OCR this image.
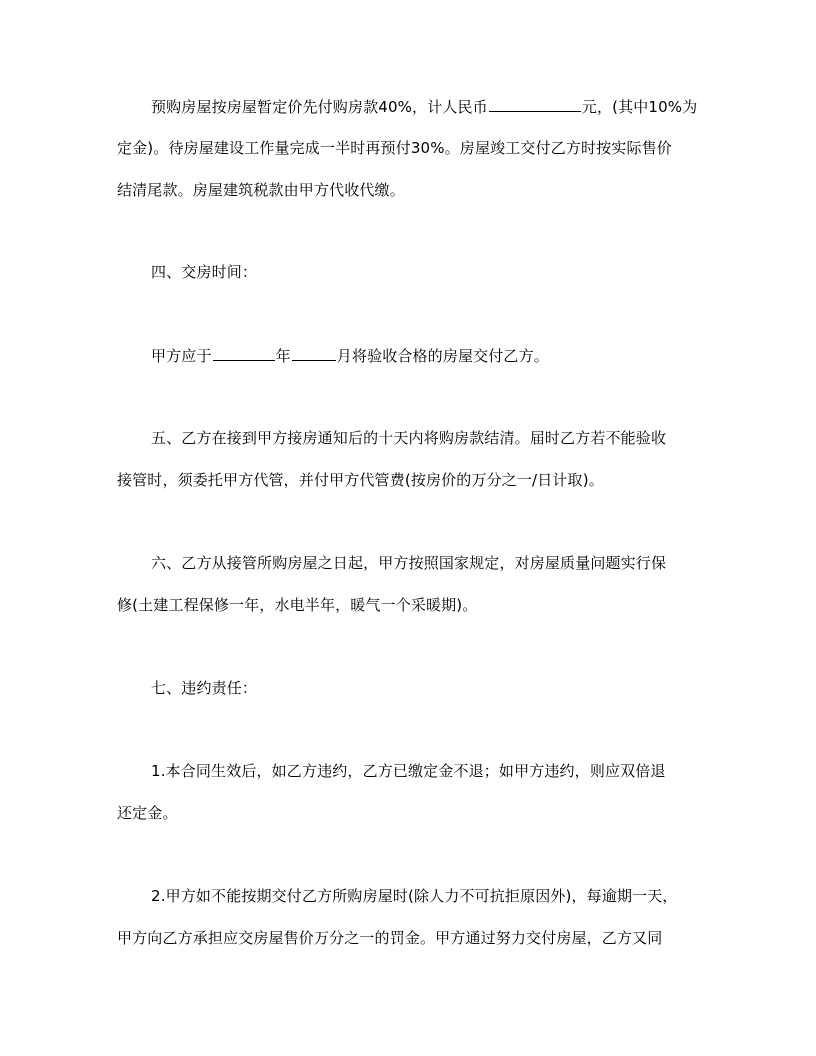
预购房屋按房屋暂定价先付购房款40%，计人民币	元，(其中10%为
定金)。待房屋建设工作量完成一半时再预付30%。房屋竣工交付乙方时按实际售价
结清尾款。房屋建筑税款由甲方代收代缴。
四、交房时间：
甲方应于	年	月将验收合格的房屋交付乙方。
五、乙方在接到甲方接房通知后的十天内将购房款结清。届时乙方若不能验收
接管时，须委托甲方代管，并付甲方代管费(按房价的万分之一/日计取)。
六、乙方从接管所购房屋之日起，甲方按照国家规定，对房屋质量问题实行保
修(土建工程保修一年，水电半年，暖气一个采暖期)。
七、违约责任：
1.本合同生效后，如乙方违约，乙方已缴定金不退；如甲方违约，则应双倍退
还定金。
2.甲方如不能按期交付乙方所购房屋时(除人力不可抗拒原因外)，每逾期一天，
甲方向乙方承担应交房屋售价万分之一的罚金。甲方通过努力交付房屋，乙方又同
